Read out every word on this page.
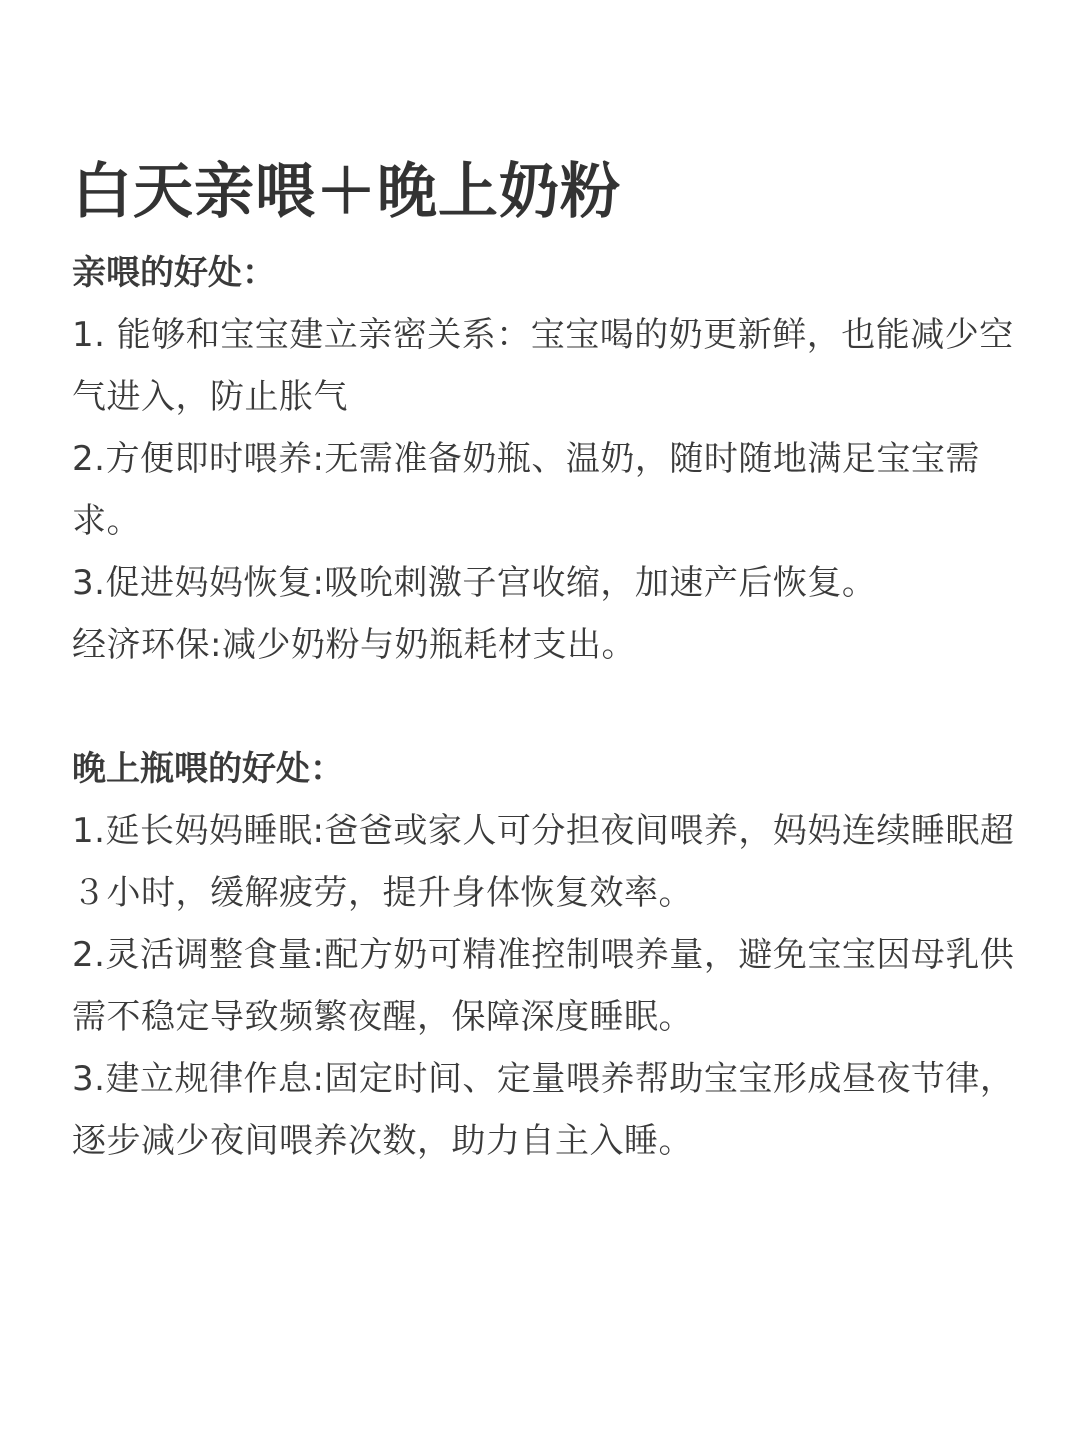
白天亲喂＋晚上奶粉

亲喂的好处：

1. 能够和宝宝建立亲密关系：宝宝喝的奶更新鲜，也能减少空气进入，防止胀气

2.方便即时喂养:无需准备奶瓶、温奶，随时随地满足宝宝需求。

3.促进妈妈恢复:吸吮刺激子宫收缩，加速产后恢复。

经济环保:减少奶粉与奶瓶耗材支出。

晚上瓶喂的好处：

1.延长妈妈睡眠:爸爸或家人可分担夜间喂养，妈妈连续睡眠超３小时，缓解疲劳，提升身体恢复效率。

2.灵活调整食量:配方奶可精准控制喂养量，避免宝宝因母乳供需不稳定导致频繁夜醒，保障深度睡眠。

3.建立规律作息:固定时间、定量喂养帮助宝宝形成昼夜节律，逐步减少夜间喂养次数，助力自主入睡。
